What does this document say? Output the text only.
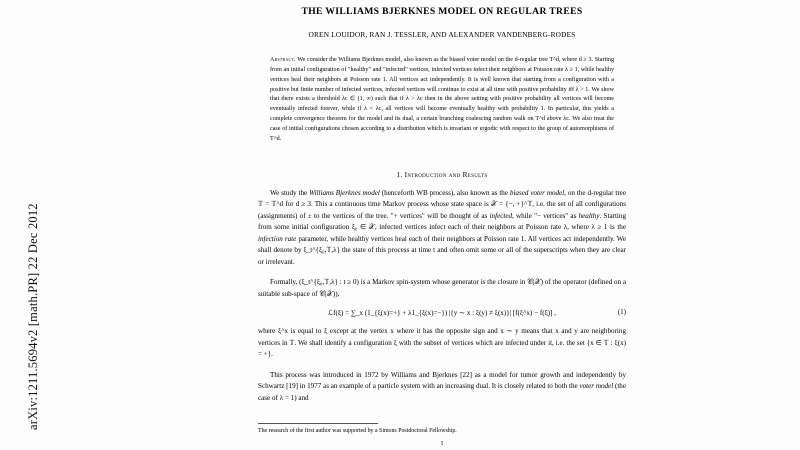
arXiv:1211.5694v2 [math.PR] 22 Dec 2012
THE WILLIAMS BJERKNES MODEL ON REGULAR TREES
OREN LOUIDOR, RAN J. TESSLER, AND ALEXANDER VANDENBERG-RODES
Abstract. We consider the Williams Bjerknes model, also known as the biased voter model on the d-regular tree T^d, where d ≥ 3. Starting from an initial configuration of "healthy" and "infected" vertices, infected vertices infect their neighbors at Poisson rate λ ≥ 1, while healthy vertices heal their neighbors at Poisson rate 1. All vertices act independently. It is well known that starting from a configuration with a positive but finite number of infected vertices, infected vertices will continue to exist at all time with positive probability iff λ > 1. We show that there exists a threshold λc ∈ (1, ∞) such that if λ > λc then in the above setting with positive probability all vertices will become eventually infected forever, while if λ < λc, all vertices will become eventually healthy with probability 1. In particular, this yields a complete convergence theorem for the model and its dual, a certain branching coalescing random walk on T^d above λc. We also treat the case of initial configurations chosen according to a distribution which is invariant or ergodic with respect to the group of automorphisms of T^d.
1. Introduction and Results
We study the Williams Bjerknes model (henceforth WB process), also known as the biased voter model, on the d-regular tree 𝕋 = 𝕋^d for d ≥ 3. This a continuous time Markov process whose state space is 𝒳 = {−, +}^𝕋, i.e. the set of all configurations (assignments) of ± to the vertices of the tree. "+ vertices" will be thought of as infected, while "− vertices" as healthy. Starting from some initial configuration ξ₀ ∈ 𝒳, infected vertices infect each of their neighbors at Poisson rate λ, where λ ≥ 1 is the infection rate parameter, while healthy vertices heal each of their neighbors at Poisson rate 1. All vertices act independently. We shall denote by ξ_t^{ξ₀,𝕋,λ} the state of this process at time t and often omit some or all of the superscripts when they are clear or irrelevant.
Formally, (ξ_t^{ξ₀,𝕋,λ} : t ≥ 0) is a Markov spin-system whose generator is the closure in 𝒞(𝒳) of the operator (defined on a suitable sub-space of 𝒞(𝒳)),
ℒf(ξ) = ∑_x (1_{ξ(x)=+} + λ1_{ξ(x)=−}) |{y ∼ x : ξ(y) ≠ ξ(x)}| [f(ξ^x) − f(ξ)] ,	(1)
where ξ^x is equal to ξ except at the vertex x where it has the opposite sign and x ∼ y means that x and y are neighboring vertices in 𝕋. We shall identify a configuration ξ with the subset of vertices which are infected under it, i.e. the set {x ∈ 𝕋 : ξ(x) = +}.
This process was introduced in 1972 by Williams and Bjerknes [22] as a model for tumor growth and independently by Schwartz [19] in 1977 as an example of a particle system with an increasing dual. It is closely related to both the voter model (the case of λ = 1) and
The research of the first author was supported by a Simons Postdoctoral Fellowship.
1
